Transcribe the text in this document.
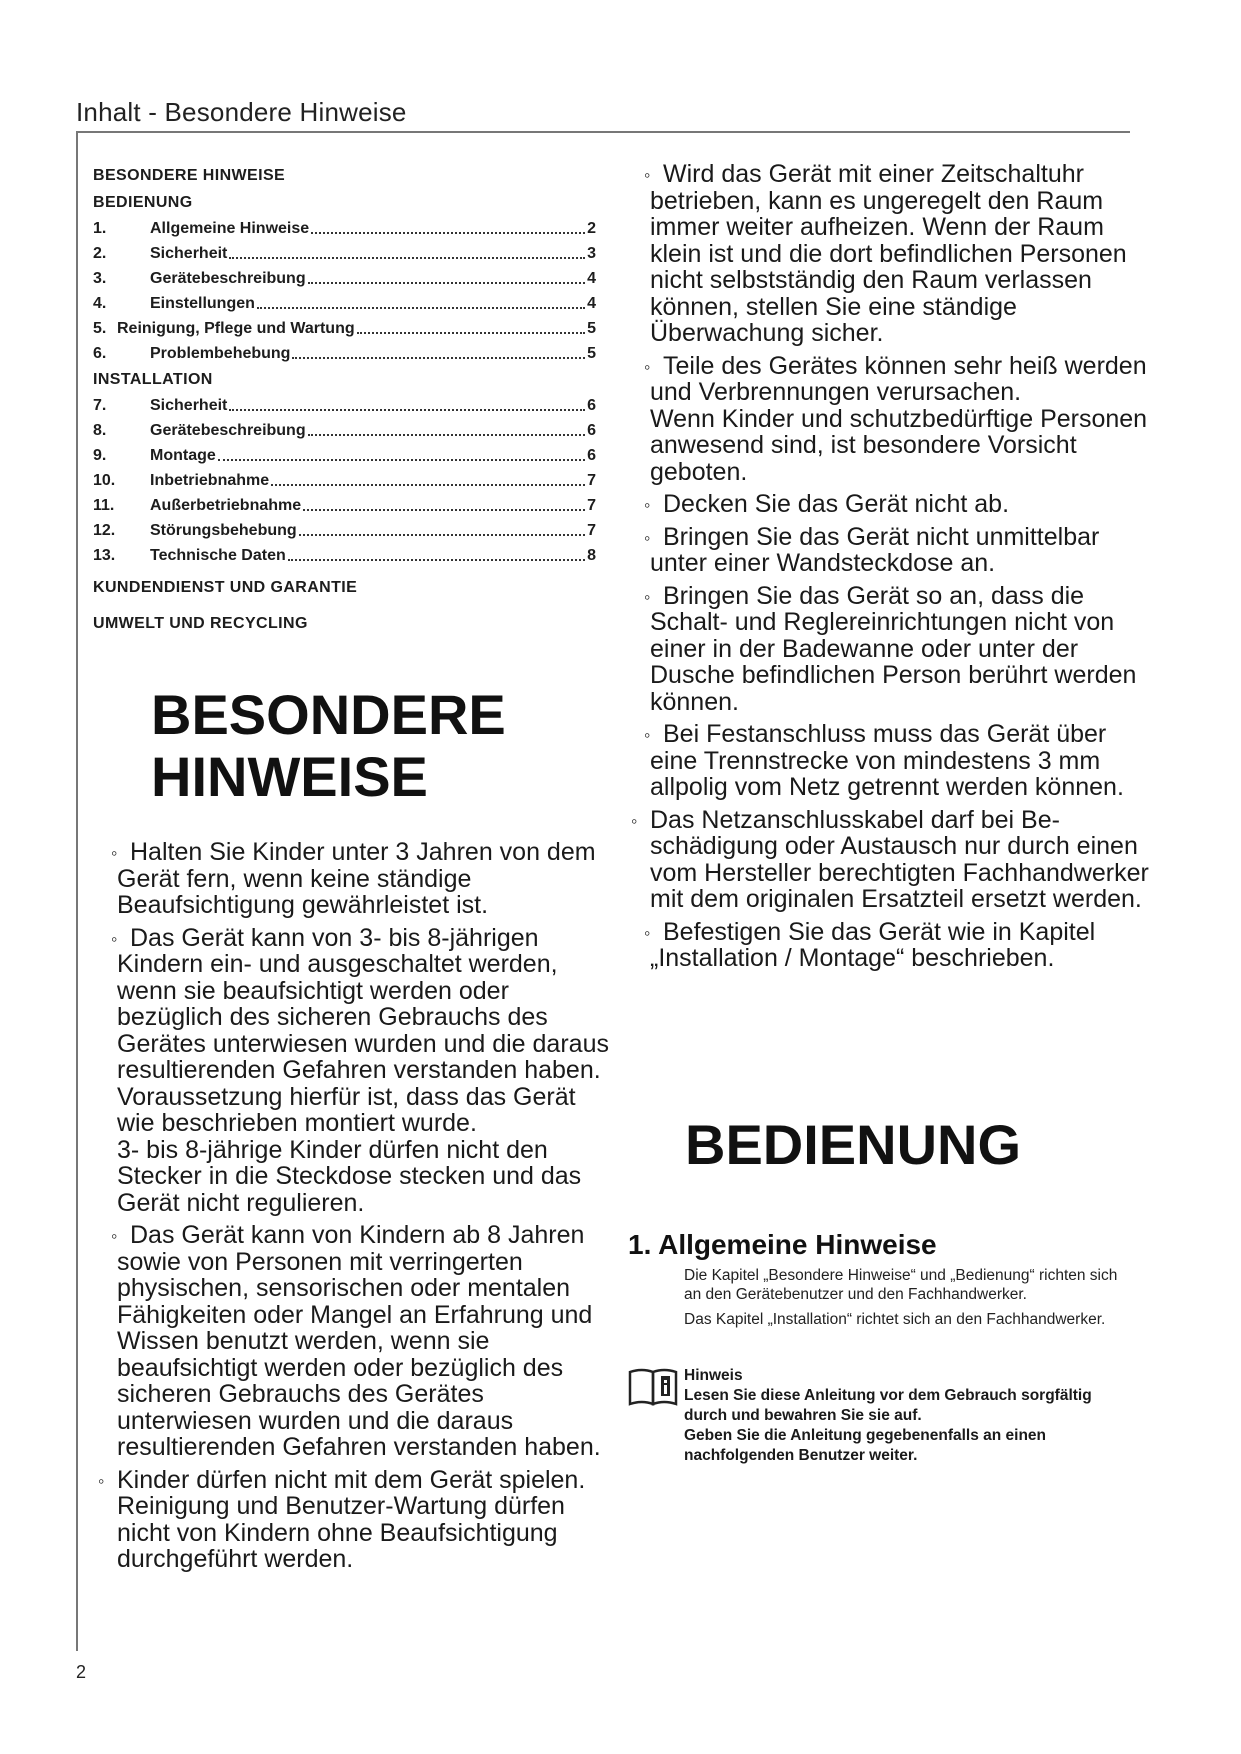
Inhalt - Besondere Hinweise
BESONDERE HINWEISE
BEDIENUNG
1.	Allgemeine Hinweise	2
2.	Sicherheit	3
3.	Gerätebeschreibung	4
4.	Einstellungen	4
5. Reinigung, Pflege und Wartung	5
6.	Problembehebung	5
INSTALLATION
7.	Sicherheit	6
8.	Gerätebeschreibung	6
9.	Montage	6
10.	Inbetriebnahme	7
11.	Außerbetriebnahme	7
12.	Störungsbehebung	7
13.	Technische Daten	8
KUNDENDIENST UND GARANTIE
UMWELT UND RECYCLING
BESONDERE
HINWEISE
◦ Halten Sie Kinder unter 3 Jahren von dem Gerät fern, wenn keine ständige Beaufsichtigung gewährleistet ist.
◦ Das Gerät kann von 3- bis 8-jährigen Kindern ein- und ausgeschaltet werden, wenn sie beaufsichtigt werden oder bezüglich des sicheren Gebrauchs des Gerätes unterwiesen wurden und die daraus resultierenden Gefahren verstanden haben. Voraussetzung hierfür ist, dass das Gerät wie beschrieben montiert wurde.
3- bis 8-jährige Kinder dürfen nicht den Stecker in die Steckdose stecken und das Gerät nicht regulieren.
◦ Das Gerät kann von Kindern ab 8 Jahren sowie von Personen mit verringerten physischen, sensorischen oder mentalen Fähigkeiten oder Mangel an Erfahrung und Wissen benutzt werden, wenn sie beaufsichtigt werden oder bezüglich des sicheren Gebrauchs des Gerätes unterwiesen wurden und die daraus resultierenden Gefahren verstanden haben.
◦ Kinder dürfen nicht mit dem Gerät spielen. Reinigung und Benutzer-Wartung dürfen nicht von Kindern ohne Beaufsichtigung durchgeführt werden.
◦ Wird das Gerät mit einer Zeitschaltuhr betrieben, kann es ungeregelt den Raum immer weiter aufheizen. Wenn der Raum klein ist und die dort befindlichen Personen nicht selbstständig den Raum verlassen können, stellen Sie eine ständige Überwachung sicher.
◦ Teile des Gerätes können sehr heiß werden und Verbrennungen verursachen.
Wenn Kinder und schutzbedürftige Personen anwesend sind, ist besondere Vorsicht geboten.
◦ Decken Sie das Gerät nicht ab.
◦ Bringen Sie das Gerät nicht unmittelbar unter einer Wandsteckdose an.
◦ Bringen Sie das Gerät so an, dass die Schalt- und Reglereinrichtungen nicht von einer in der Badewanne oder unter der Dusche befindlichen Person berührt werden können.
◦ Bei Festanschluss muss das Gerät über eine Trennstrecke von mindestens 3 mm allpolig vom Netz getrennt werden können.
◦ Das Netzanschlusskabel darf bei Beschädigung oder Austausch nur durch einen vom Hersteller berechtigten Fachhandwerker mit dem originalen Ersatzteil ersetzt werden.
◦ Befestigen Sie das Gerät wie in Kapitel „Installation / Montage“ beschrieben.
BEDIENUNG
1. Allgemeine Hinweise
Die Kapitel „Besondere Hinweise“ und „Bedienung“ richten sich an den Gerätebenutzer und den Fachhandwerker.
Das Kapitel „Installation“ richtet sich an den Fachhandwerker.
Hinweis
Lesen Sie diese Anleitung vor dem Gebrauch sorgfältig durch und bewahren Sie sie auf.
Geben Sie die Anleitung gegebenenfalls an einen nachfolgenden Benutzer weiter.
2
